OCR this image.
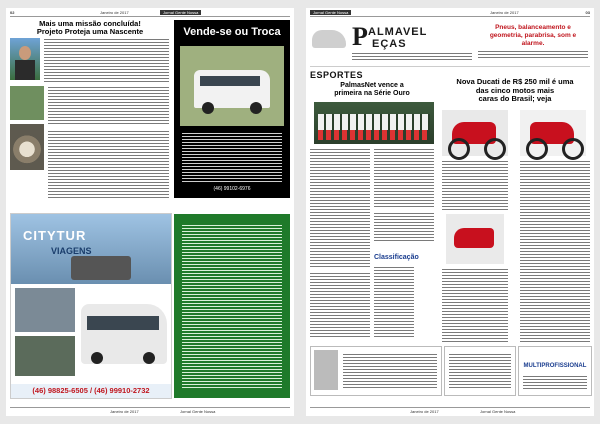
02	Janeiro de 2017	Jornal Gente Nossa
Mais uma missão concluída!
Projeto Proteja uma Nascente	Vende-se ou Troca
(46) 99102-6976
CITYTUR
VIAGENS
(46) 98825-6505 / (46) 99910-2732
Janeiro de 2017	Jornal Gente Nossa
Jornal Gente Nossa	Janeiro de 2017	03
P ALMAVEL
EÇAS
Pneus, balanceamento e geometria, parabrisa, som e alarme.
ESPORTES
PalmasNet vence a
primeira na Série Ouro
Classificação
Nova Ducati de R$ 250 mil é uma
das cinco motos mais
caras do Brasil; veja
MULTIPROFISSIONAL
Janeiro de 2017	Jornal Gente Nossa
